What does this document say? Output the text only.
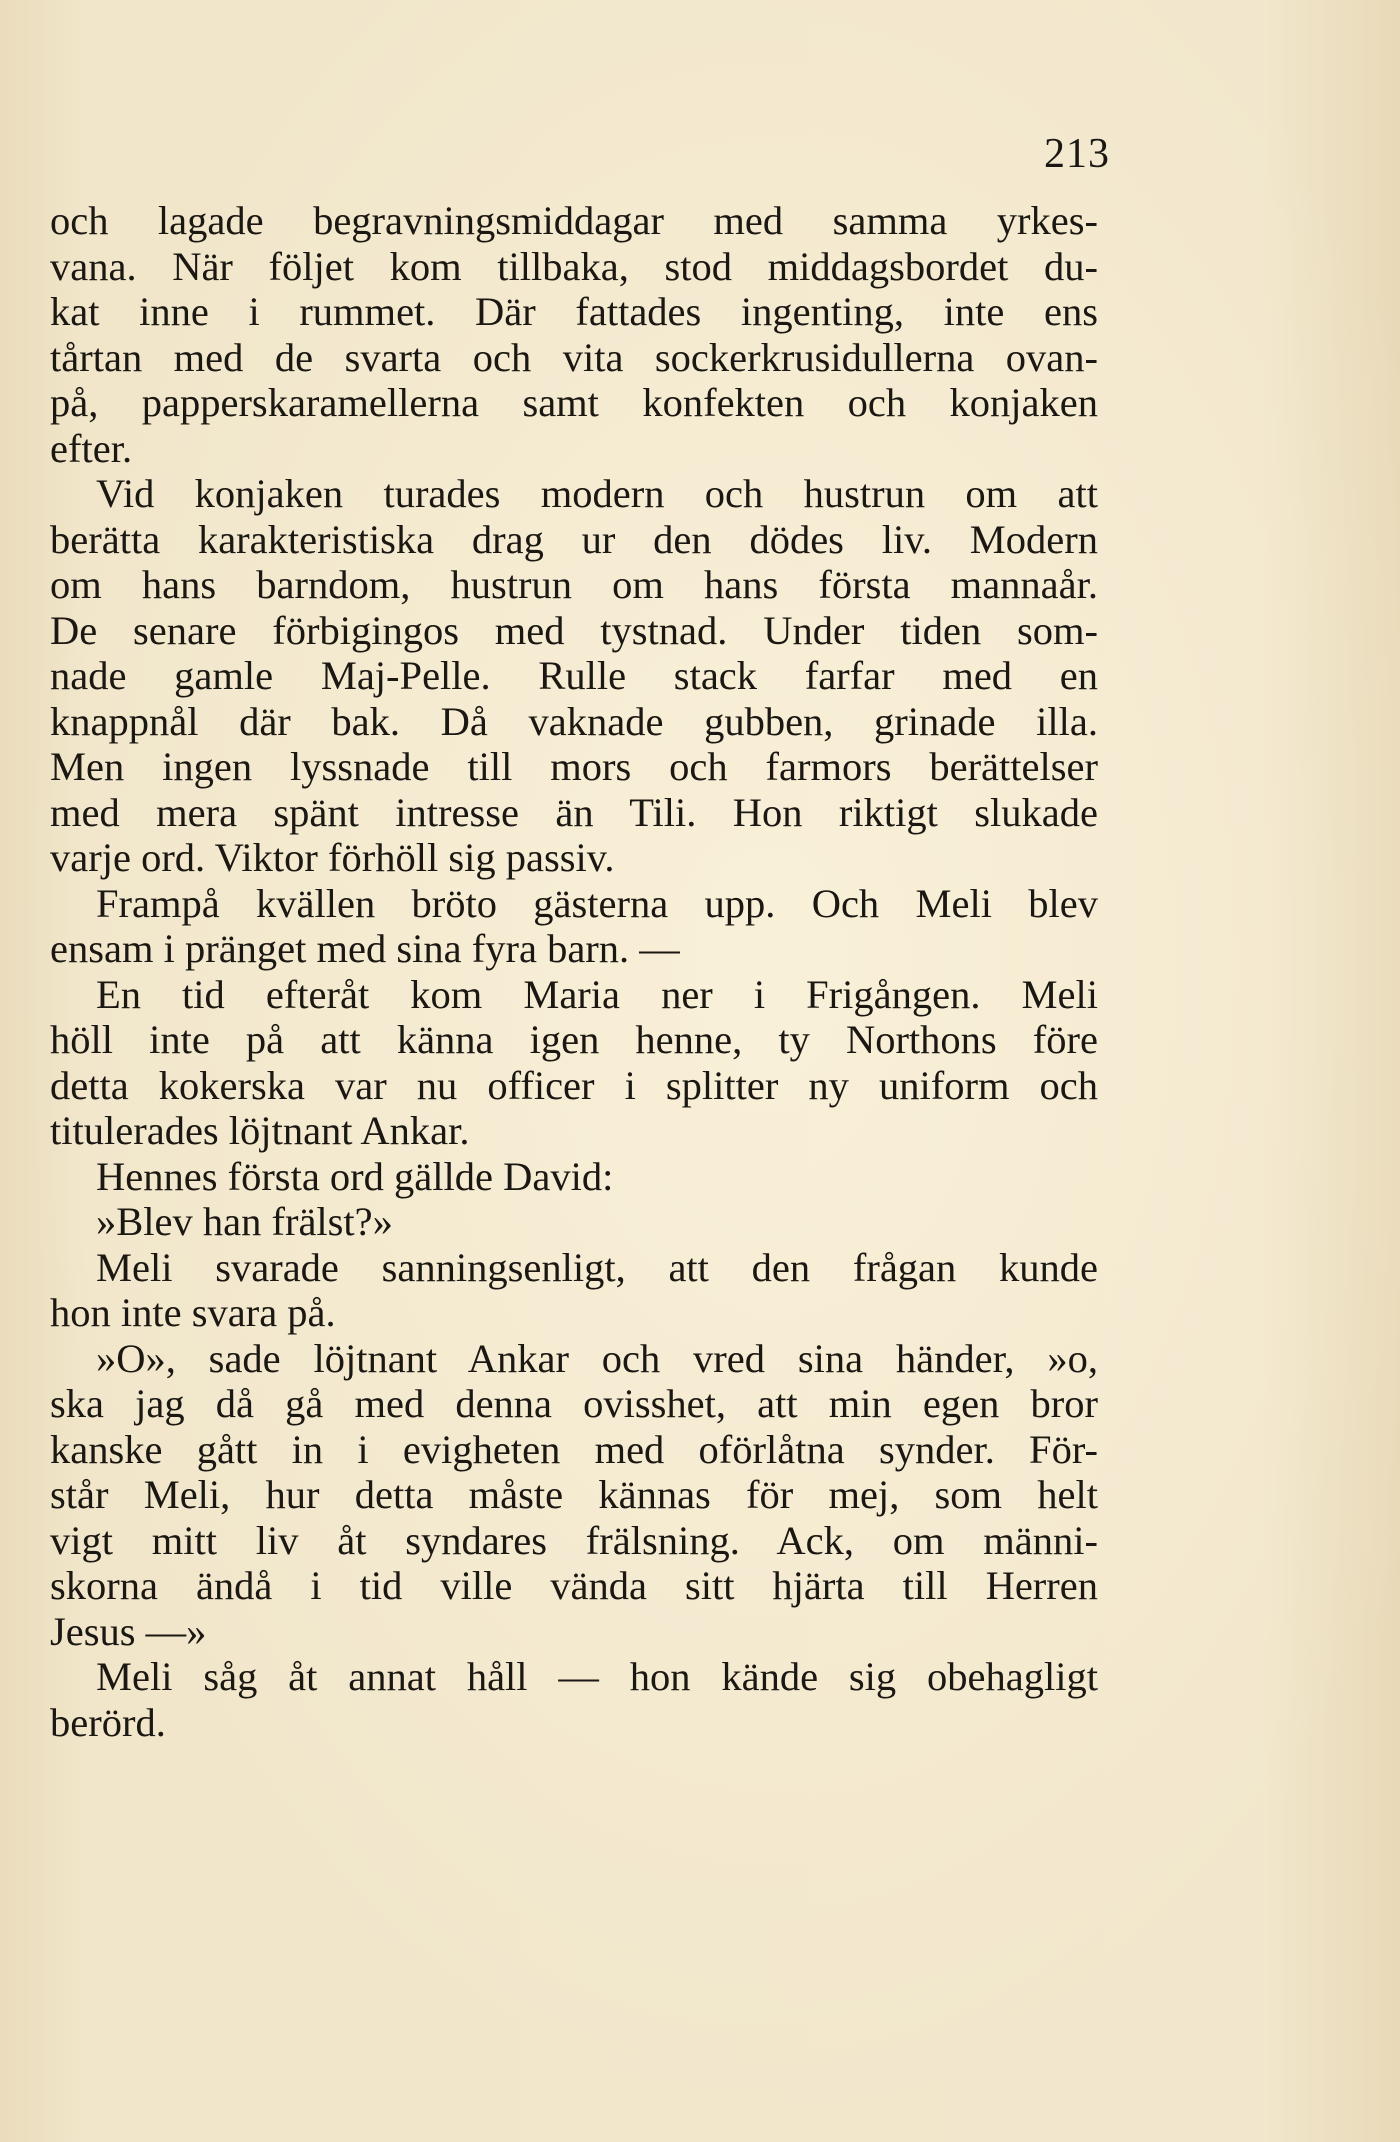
213
och lagade begravningsmiddagar med samma yrkes-
vana. När följet kom tillbaka, stod middagsbordet du-
kat inne i rummet. Där fattades ingenting, inte ens
tårtan med de svarta och vita sockerkrusidullerna ovan-
på, papperskaramellerna samt konfekten och konjaken
efter.
Vid konjaken turades modern och hustrun om att
berätta karakteristiska drag ur den dödes liv. Modern
om hans barndom, hustrun om hans första mannaår.
De senare förbigingos med tystnad. Under tiden som-
nade gamle Maj-Pelle. Rulle stack farfar med en
knappnål där bak. Då vaknade gubben, grinade illa.
Men ingen lyssnade till mors och farmors berättelser
med mera spänt intresse än Tili. Hon riktigt slukade
varje ord. Viktor förhöll sig passiv.
Frampå kvällen bröto gästerna upp. Och Meli blev
ensam i pränget med sina fyra barn. —
En tid efteråt kom Maria ner i Frigången. Meli
höll inte på att känna igen henne, ty Northons före
detta kokerska var nu officer i splitter ny uniform och
titulerades löjtnant Ankar.
Hennes första ord gällde David:
»Blev han frälst?»
Meli svarade sanningsenligt, att den frågan kunde
hon inte svara på.
»O», sade löjtnant Ankar och vred sina händer, »o,
ska jag då gå med denna ovisshet, att min egen bror
kanske gått in i evigheten med oförlåtna synder. För-
står Meli, hur detta måste kännas för mej, som helt
vigt mitt liv åt syndares frälsning. Ack, om männi-
skorna ändå i tid ville vända sitt hjärta till Herren
Jesus —»
Meli såg åt annat håll — hon kände sig obehagligt
berörd.
